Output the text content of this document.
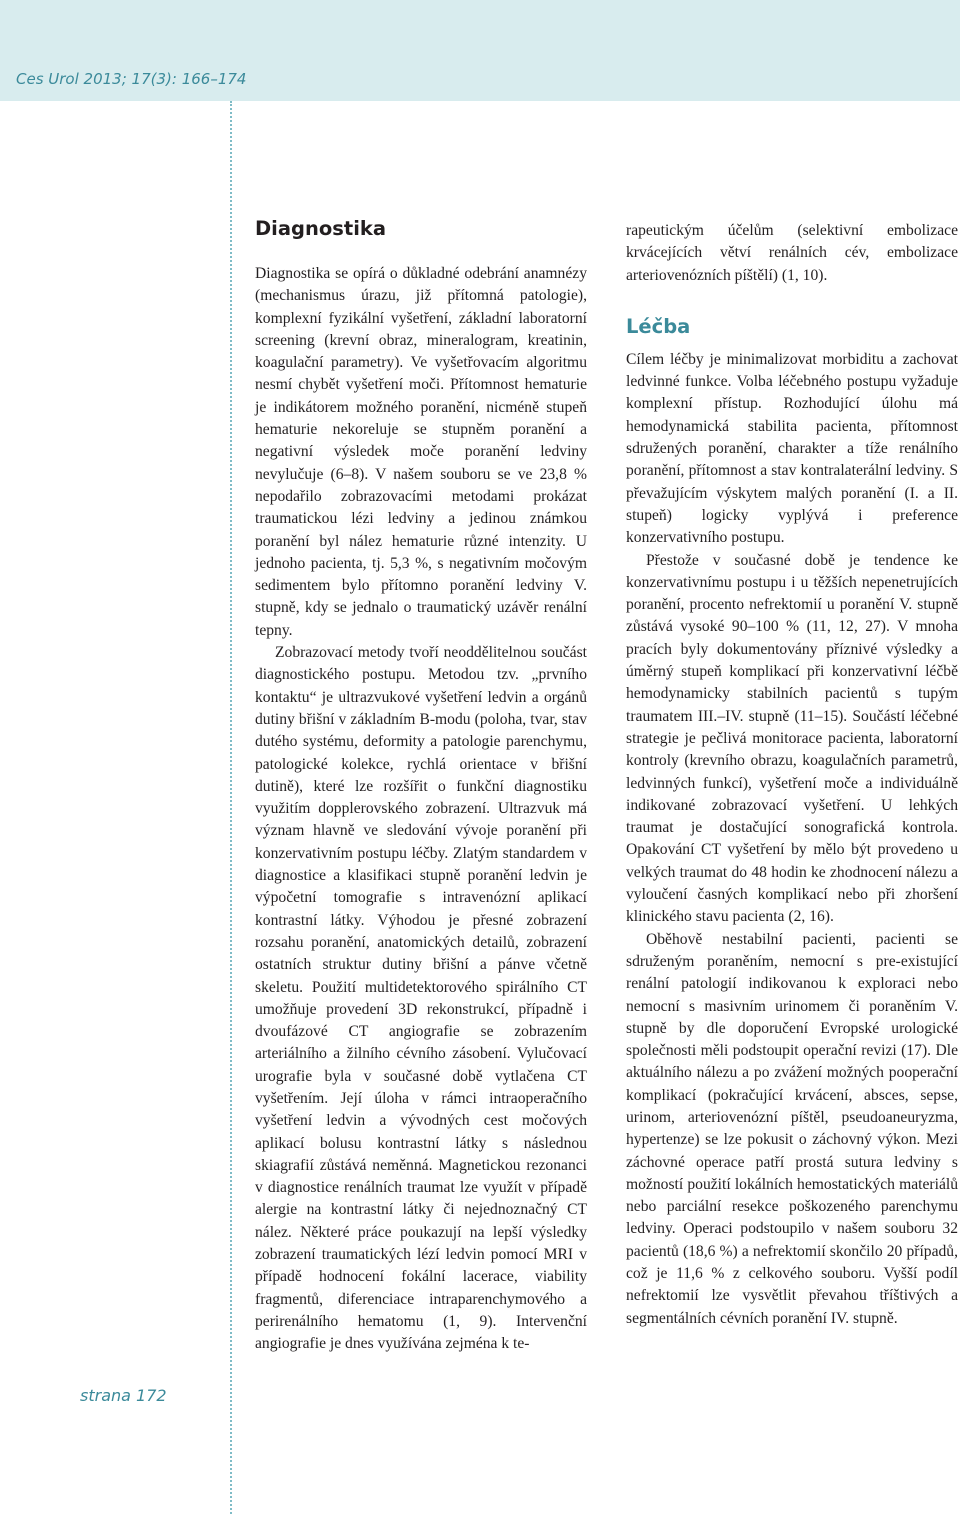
Ces Urol 2013; 17(3): 166–174
strana 172
Diagnostika

Diagnostika se opírá o důkladné odebrání anamnézy (mechanismus úrazu, již přítomná patologie), komplexní fyzikální vyšetření, základní laboratorní screening (krevní obraz, mineralogram, kreatinin, koagulační parametry). Ve vyšetřovacím algoritmu nesmí chybět vyšetření moči. Přítomnost hematurie je indikátorem možného poranění, nicméně stupeň hematurie nekoreluje se stupněm poranění a negativní výsledek moče poranění ledviny nevylučuje (6–8). V našem souboru se ve 23,8 % nepodařilo zobrazovacími metodami prokázat traumatickou lézi ledviny a jedinou známkou poranění byl nález hematurie různé intenzity. U jednoho pacienta, tj. 5,3 %, s negativním močovým sedimentem bylo přítomno poranění ledviny V. stupně, kdy se jednalo o traumatický uzávěr renální tepny.

Zobrazovací metody tvoří neoddělitelnou součást diagnostického postupu. Metodou tzv. „prvního kontaktu“ je ultrazvukové vyšetření ledvin a orgánů dutiny břišní v základním B-modu (poloha, tvar, stav dutého systému, deformity a patologie parenchymu, patologické kolekce, rychlá orientace v břišní dutině), které lze rozšířit o funkční diagnostiku využitím dopplerovského zobrazení. Ultrazvuk má význam hlavně ve sledování vývoje poranění při konzervativním postupu léčby. Zlatým standardem v diagnostice a klasifikaci stupně poranění ledvin je výpočetní tomografie s intravenózní aplikací kontrastní látky. Výhodou je přesné zobrazení rozsahu poranění, anatomických detailů, zobrazení ostatních struktur dutiny břišní a pánve včetně skeletu. Použití multidetektorového spirálního CT umožňuje provedení 3D rekonstrukcí, případně i dvoufázové CT angiografie se zobrazením arteriálního a žilního cévního zásobení. Vylučovací urografie byla v současné době vytlačena CT vyšetřením. Její úloha v rámci intraoperačního vyšetření ledvin a vývodných cest močových aplikací bolusu kontrastní látky s následnou skiagrafií zůstává neměnná. Magnetickou rezonanci v diagnostice renálních traumat lze využít v případě alergie na kontrastní látky či nejednoznačný CT nález. Některé práce poukazují na lepší výsledky zobrazení traumatických lézí ledvin pomocí MRI v případě hodnocení fokální lacerace, viability fragmentů, diferenciace intraparenchymového a perirenálního hematomu (1, 9). Intervenční angiografie je dnes využívána zejména k te-

rapeutickým účelům (selektivní embolizace krvácejících větví renálních cév, embolizace arteriovenózních píštělí) (1, 10).

Léčba

Cílem léčby je minimalizovat morbiditu a zachovat ledvinné funkce. Volba léčebného postupu vyžaduje komplexní přístup. Rozhodující úlohu má hemodynamická stabilita pacienta, přítomnost sdružených poranění, charakter a tíže renálního poranění, přítomnost a stav kontralaterální ledviny. S převažujícím výskytem malých poranění (I. a II. stupeň) logicky vyplývá i preference konzervativního postupu.

Přestože v současné době je tendence ke konzervativnímu postupu i u těžších nepenetrujících poranění, procento nefrektomií u poranění V. stupně zůstává vysoké 90–100 % (11, 12, 27). V mnoha pracích byly dokumentovány příznivé výsledky a úměrný stupeň komplikací při konzervativní léčbě hemodynamicky stabilních pacientů s tupým traumatem III.–IV. stupně (11–15). Součástí léčebné strategie je pečlivá monitorace pacienta, laboratorní kontroly (krevního obrazu, koagulačních parametrů, ledvinných funkcí), vyšetření moče a individuálně indikované zobrazovací vyšetření. U lehkých traumat je dostačující sonografická kontrola. Opakování CT vyšetření by mělo být provedeno u velkých traumat do 48 hodin ke zhodnocení nálezu a vyloučení časných komplikací nebo při zhoršení klinického stavu pacienta (2, 16).

Oběhově nestabilní pacienti, pacienti se sdruženým poraněním, nemocní s pre-existující renální patologií indikovanou k exploraci nebo nemocní s masivním urinomem či poraněním V. stupně by dle doporučení Evropské urologické společnosti měli podstoupit operační revizi (17). Dle aktuálního nálezu a po zvážení možných pooperační komplikací (pokračující krvácení, absces, sepse, urinom, arteriovenózní píštěl, pseudoaneuryzma, hypertenze) se lze pokusit o záchovný výkon. Mezi záchovné operace patří prostá sutura ledviny s možností použití lokálních hemostatických materiálů nebo parciální resekce poškozeného parenchymu ledviny. Operaci podstoupilo v našem souboru 32 pacientů (18,6 %) a nefrektomií skončilo 20 případů, což je 11,6 % z celkového souboru. Vyšší podíl nefrektomií lze vysvětlit převahou tříštivých a segmentálních cévních poranění IV. stupně.
